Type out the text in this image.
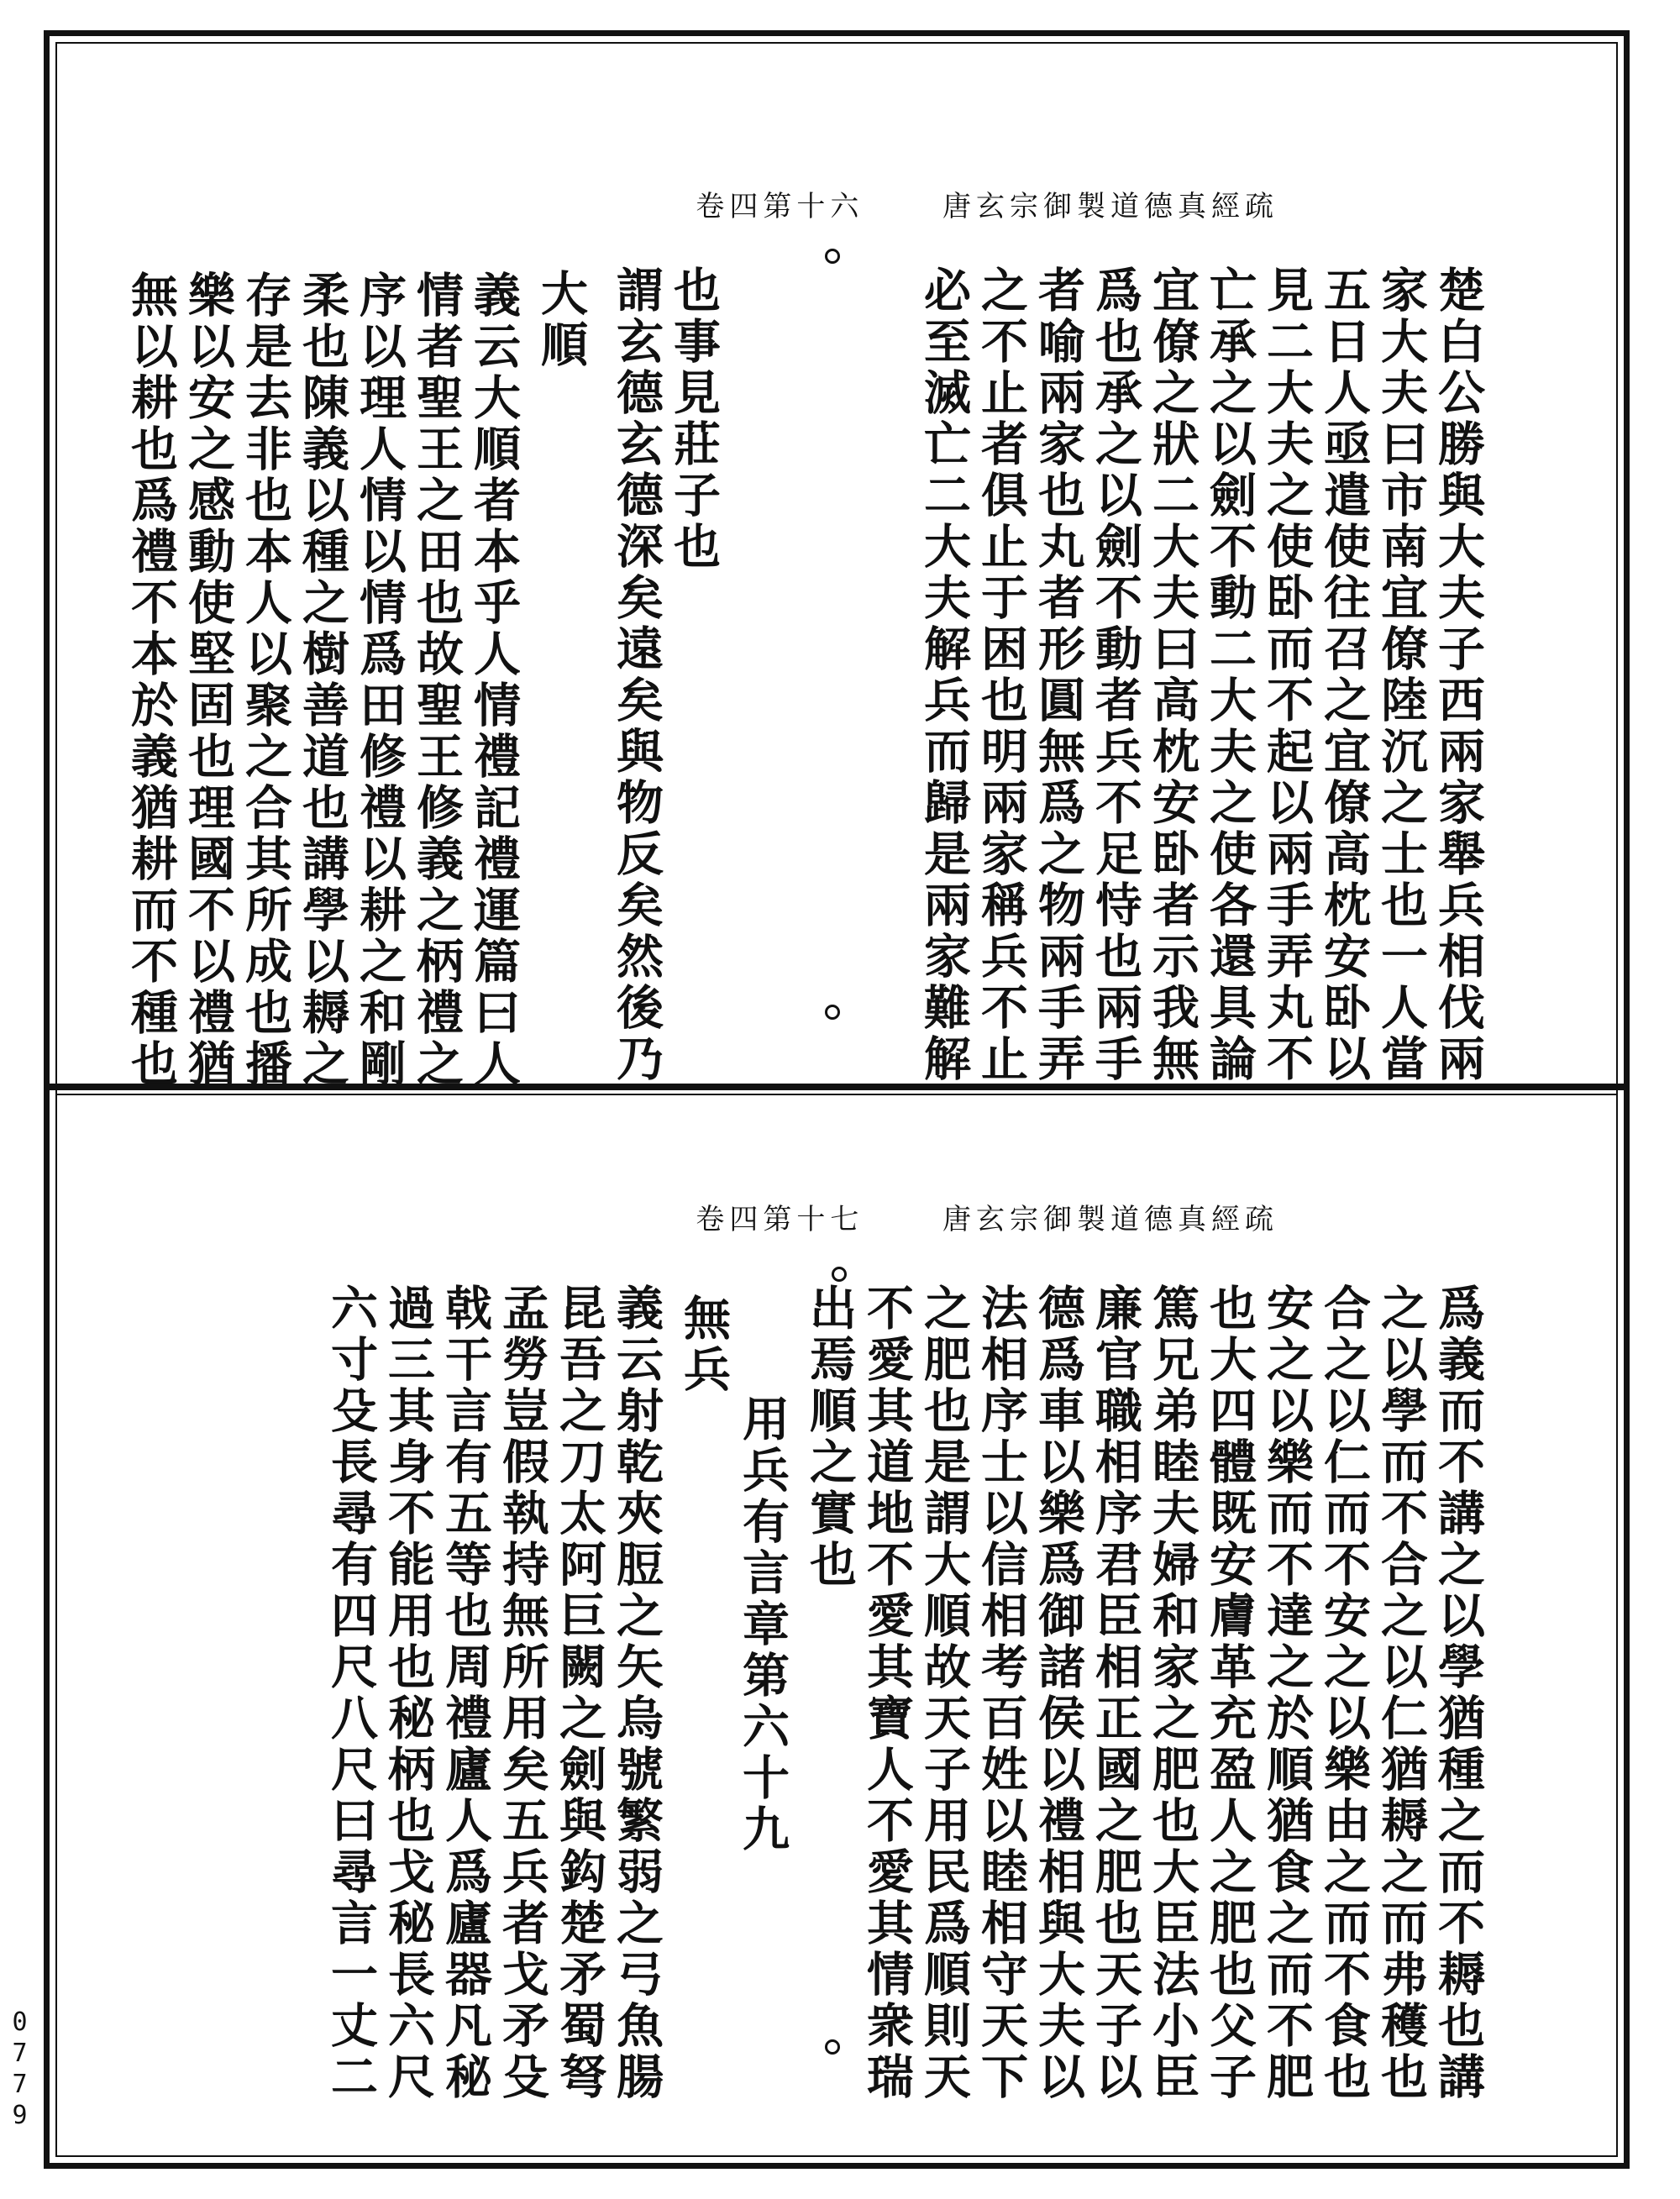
唐玄宗御製道德真經疏  卷四第十六
楚白公勝與大夫子西兩家舉兵相伐兩
家大夫曰市南宜僚陸沉之士也一人當
五日人亟遣使往召之宜僚高枕安卧以
見二大夫之使卧而不起以兩手弄丸不
亡承之以劍不動二大夫之使各還具論
宜僚之狀二大夫曰高枕安卧者示我無
爲也承之以劍不動者兵不足恃也兩手
者喻兩家也丸者形圓無爲之物兩手弄
之不止者俱止于困也明兩家稱兵不止
必至滅亡二大夫解兵而歸是兩家難解
也事見莊子也
謂玄德玄德深矣遠矣與物反矣然後乃
大順
義云大順者本乎人情禮記禮運篇曰人
情者聖王之田也故聖王修義之柄禮之
序以理人情以情爲田修禮以耕之和剛
柔也陳義以種之樹善道也講學以耨之
存是去非也本人以聚之合其所成也播
樂以安之感動使堅固也理國不以禮猶
無以耕也爲禮不本於義猶耕而不種也
唐玄宗御製道德真經疏  卷四第十七
爲義而不講之以學猶種之而不耨也講
之以學而不合之以仁猶耨之而弗穫也
合之以仁而不安之以樂由之而不食也
安之以樂而不達之於順猶食之而不肥
也大四體既安膚革充盈人之肥也父子
篤兄弟睦夫婦和家之肥也大臣法小臣
廉官職相序君臣相正國之肥也天子以
德爲車以樂爲御諸侯以禮相與大夫以
法相序士以信相考百姓以睦相守天下
之肥也是謂大順故天子用民爲順則天
不愛其道地不愛其寶人不愛其情衆瑞
出焉順之實也
用兵有言章第六十九
無兵
義云射乾夾脰之矢烏號繁弱之弓魚腸
昆吾之刀太阿巨闕之劍與鈎楚矛蜀弩
孟勞豈假執持無所用矣五兵者戈矛殳
戟干言有五等也周禮廬人爲廬器凡秘
過三其身不能用也秘柄也戈秘長六尺
六寸殳長尋有四尺八尺曰尋言一丈二
0779
